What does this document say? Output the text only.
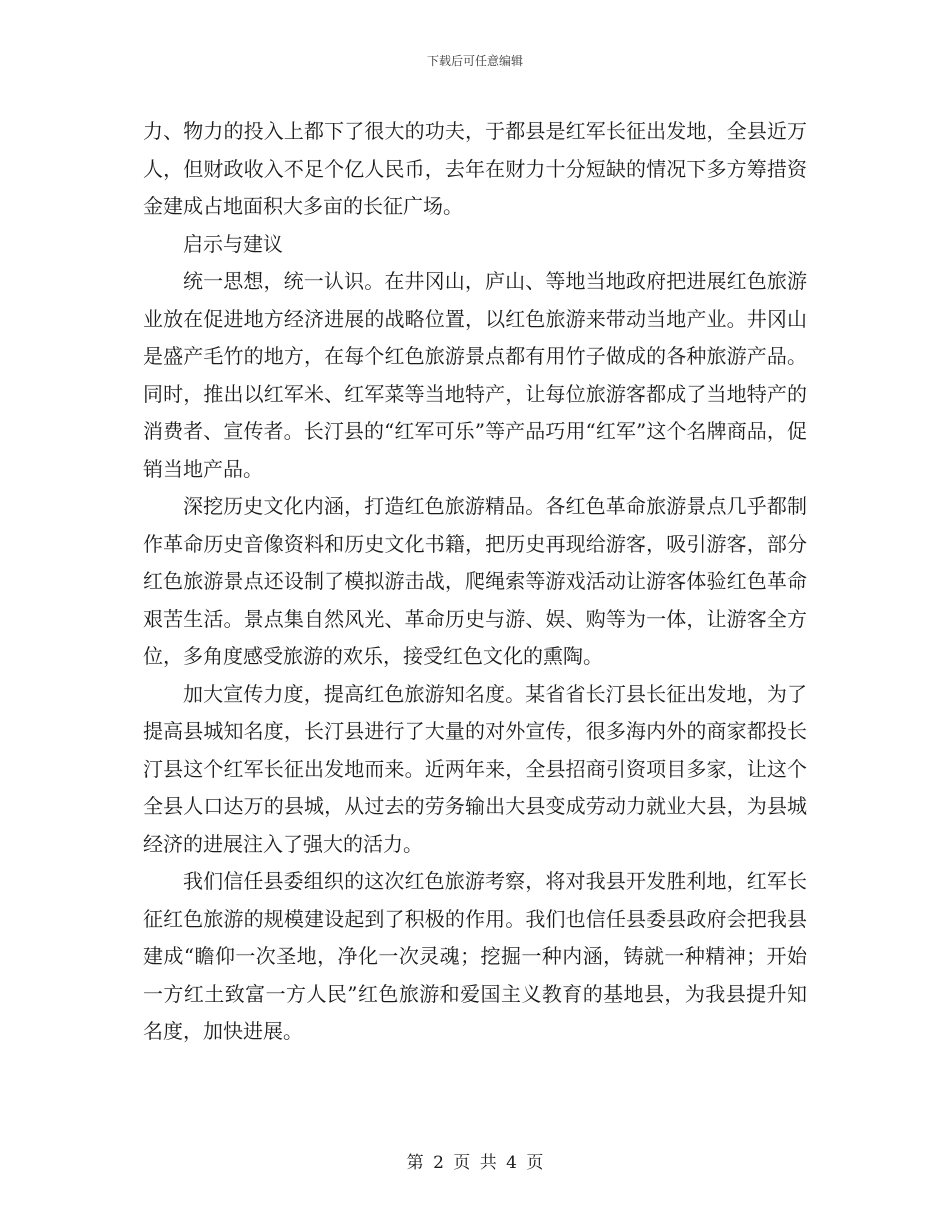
下载后可任意编辑

力、物力的投入上都下了很大的功夫，于都县是红军长征出发地，全县近万人，但财政收入不足个亿人民币，去年在财力十分短缺的情况下多方筹措资金建成占地面积大多亩的长征广场。

启示与建议

统一思想，统一认识。在井冈山，庐山、等地当地政府把进展红色旅游业放在促进地方经济进展的战略位置，以红色旅游来带动当地产业。井冈山是盛产毛竹的地方，在每个红色旅游景点都有用竹子做成的各种旅游产品。同时，推出以红军米、红军菜等当地特产，让每位旅游客都成了当地特产的消费者、宣传者。长汀县的“红军可乐”等产品巧用“红军”这个名牌商品，促销当地产品。

深挖历史文化内涵，打造红色旅游精品。各红色革命旅游景点几乎都制作革命历史音像资料和历史文化书籍，把历史再现给游客，吸引游客，部分红色旅游景点还设制了模拟游击战，爬绳索等游戏活动让游客体验红色革命艰苦生活。景点集自然风光、革命历史与游、娱、购等为一体，让游客全方位，多角度感受旅游的欢乐，接受红色文化的熏陶。

加大宣传力度，提高红色旅游知名度。某省省长汀县长征出发地，为了提高县城知名度，长汀县进行了大量的对外宣传，很多海内外的商家都投长汀县这个红军长征出发地而来。近两年来，全县招商引资项目多家，让这个全县人口达万的县城，从过去的劳务输出大县变成劳动力就业大县，为县城经济的进展注入了强大的活力。

我们信任县委组织的这次红色旅游考察，将对我县开发胜利地，红军长征红色旅游的规模建设起到了积极的作用。我们也信任县委县政府会把我县建成“瞻仰一次圣地，净化一次灵魂；挖掘一种内涵，铸就一种精神；开始一方红土致富一方人民”红色旅游和爱国主义教育的基地县，为我县提升知名度，加快进展。

第 2 页 共 4 页
